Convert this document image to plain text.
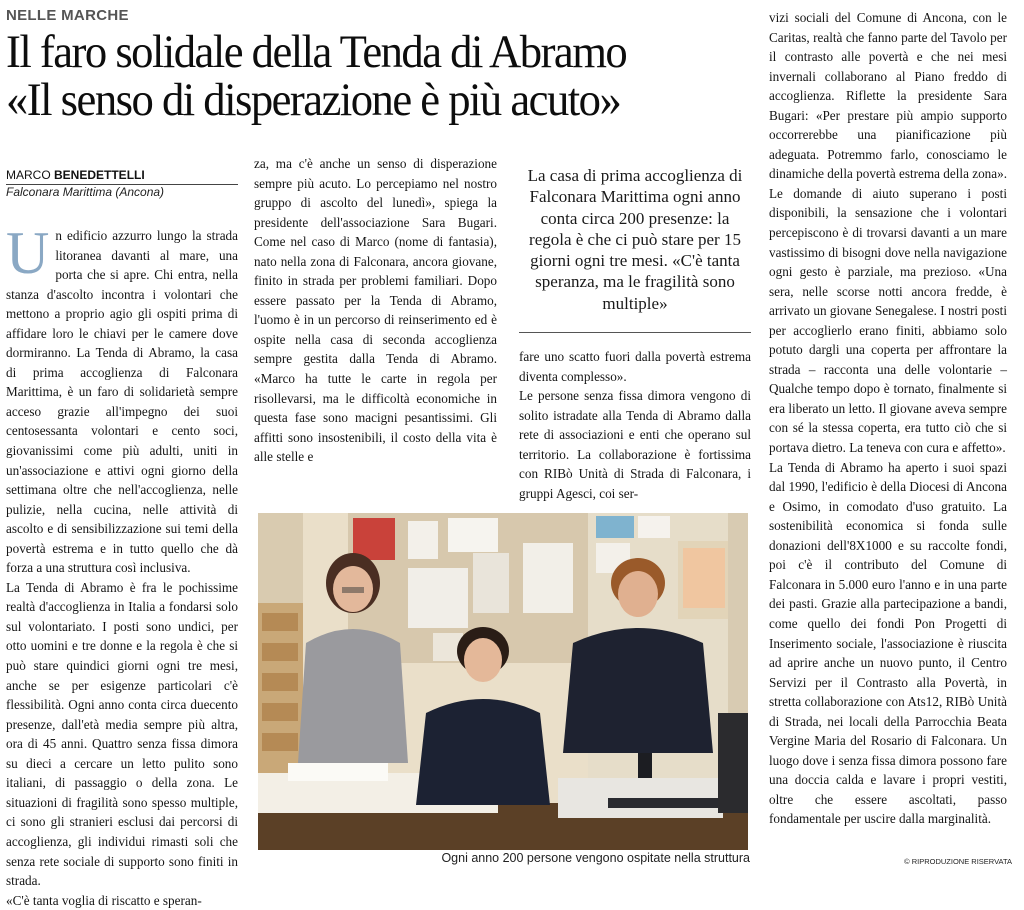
NELLE MARCHE
Il faro solidale della Tenda di Abramo
«Il senso di disperazione è più acuto»
MARCO BENEDETTELLI
Falconara Marittima (Ancona)

Un edificio azzurro lungo la strada litoranea davanti al mare, una porta che si apre. Chi entra, nella stanza d'ascolto incontra i volontari che mettono a proprio agio gli ospiti prima di affidare loro le chiavi per le camere dove dormiranno. La Tenda di Abramo, la casa di prima accoglienza di Falconara Marittima, è un faro di solidarietà sempre acceso grazie all'impegno dei suoi centosessanta volontari e cento soci, giovanissimi come più adulti, uniti in un'associazione e attivi ogni giorno della settimana oltre che nell'accoglienza, nelle pulizie, nella cucina, nelle attività di ascolto e di sensibilizzazione sui temi della povertà estrema e in tutto quello che dà forza a una struttura così inclusiva.

La Tenda di Abramo è fra le pochissime realtà d'accoglienza in Italia a fondarsi solo sul volontariato. I posti sono undici, per otto uomini e tre donne e la regola è che si può stare quindici giorni ogni tre mesi, anche se per esigenze particolari c'è flessibilità. Ogni anno conta circa duecento presenze, dall'età media sempre più altra, ora di 45 anni. Quattro senza fissa dimora su dieci a cercare un letto pulito sono italiani, di passaggio o della zona. Le situazioni di fragilità sono spesso multiple, ci sono gli stranieri esclusi dai percorsi di accoglienza, gli individui rimasti soli che senza rete sociale di supporto sono finiti in strada.

«C'è tanta voglia di riscatto e speran-

za, ma c'è anche un senso di disperazione sempre più acuto. Lo percepiamo nel nostro gruppo di ascolto del lunedì», spiega la presidente dell'associazione Sara Bugari. Come nel caso di Marco (nome di fantasia), nato nella zona di Falconara, ancora giovane, finito in strada per problemi familiari. Dopo essere passato per la Tenda di Abramo, l'uomo è in un percorso di reinserimento ed è ospite nella casa di seconda accoglienza sempre gestita dalla Tenda di Abramo. «Marco ha tutte le carte in regola per risollevarsi, ma le difficoltà economiche in questa fase sono macigni pesantissimi. Gli affitti sono insostenibili, il costo della vita è alle stelle e

La casa di prima accoglienza di Falconara Marittima ogni anno conta circa 200 presenze: la regola è che ci può stare per 15 giorni ogni tre mesi. «C'è tanta speranza, ma le fragilità sono multiple»

fare uno scatto fuori dalla povertà estrema diventa complesso».

Le persone senza fissa dimora vengono di solito istradate alla Tenda di Abramo dalla rete di associazioni e enti che operano sul territorio. La collaborazione è fortissima con RIBò Unità di Strada di Falconara, i gruppi Agesci, coi ser-

vizi sociali del Comune di Ancona, con le Caritas, realtà che fanno parte del Tavolo per il contrasto alle povertà e che nei mesi invernali collaborano al Piano freddo di accoglienza. Riflette la presidente Sara Bugari: «Per prestare più ampio supporto occorrerebbe una pianificazione più adeguata. Potremmo farlo, conosciamo le dinamiche della povertà estrema della zona». Le domande di aiuto superano i posti disponibili, la sensazione che i volontari percepiscono è di trovarsi davanti a un mare vastissimo di bisogni dove nella navigazione ogni gesto è parziale, ma prezioso. «Una sera, nelle scorse notti ancora fredde, è arrivato un giovane Senegalese. I nostri posti per accoglierlo erano finiti, abbiamo solo potuto dargli una coperta per affrontare la strada – racconta una delle volontarie – Qualche tempo dopo è tornato, finalmente si era liberato un letto. Il giovane aveva sempre con sé la stessa coperta, era tutto ciò che si portava dietro. La teneva con cura e affetto».

La Tenda di Abramo ha aperto i suoi spazi dal 1990, l'edificio è della Diocesi di Ancona e Osimo, in comodato d'uso gratuito. La sostenibilità economica si fonda sulle donazioni dell'8X1000 e su raccolte fondi, poi c'è il contributo del Comune di Falconara in 5.000 euro l'anno e in una parte dei pasti. Grazie alla partecipazione a bandi, come quello dei fondi Pon Progetti di Inserimento sociale, l'associazione è riuscita ad aprire anche un nuovo punto, il Centro Servizi per il Contrasto alla Povertà, in stretta collaborazione con Ats12, RIBò Unità di Strada, nei locali della Parrocchia Beata Vergine Maria del Rosario di Falconara. Un luogo dove i senza fissa dimora possono fare una doccia calda e lavare i propri vestiti, oltre che essere ascoltati, passo fondamentale per uscire dalla marginalità.

Ogni anno 200 persone vengono ospitate nella struttura	© RIPRODUZIONE RISERVATA
